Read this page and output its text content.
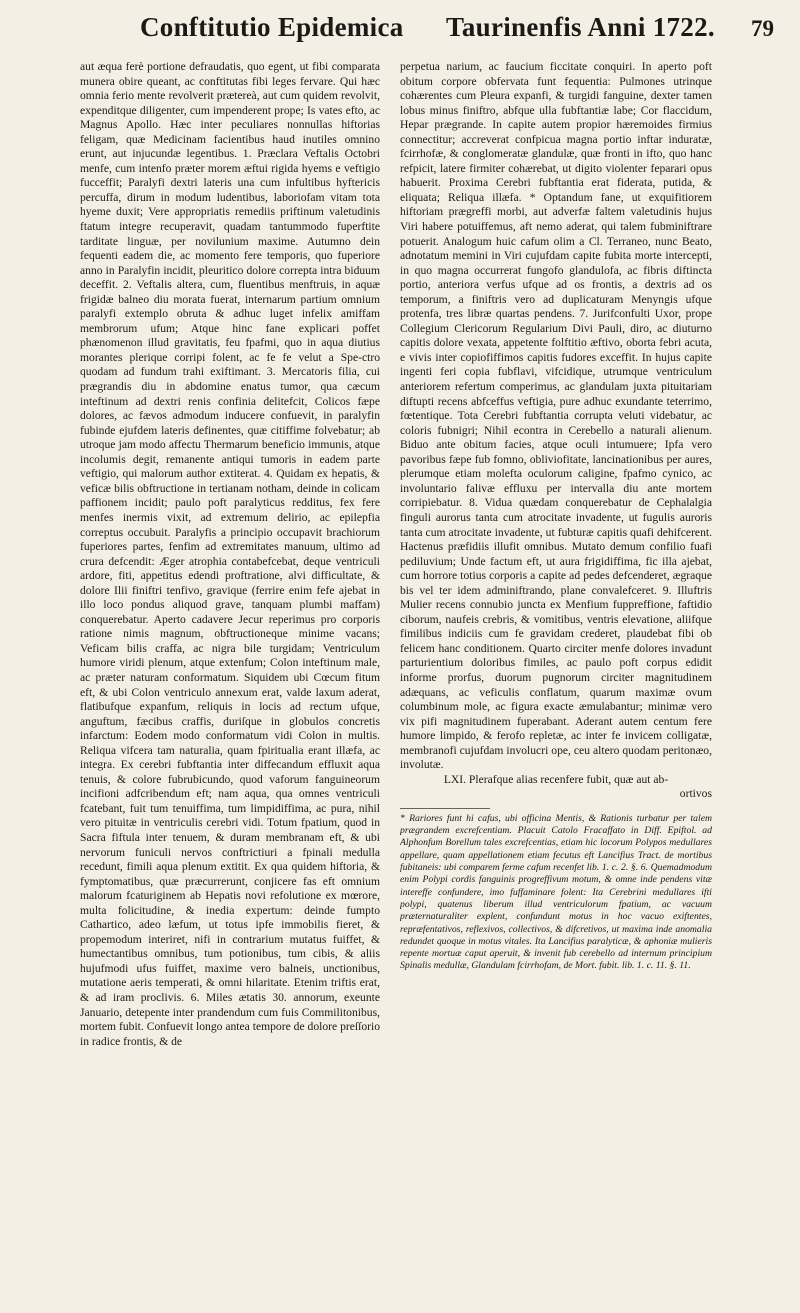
Conftitutio Epidemica Taurinenfis Anni 1722. 79

aut æqua ferè portione defraudatis, quo egent, ut fibi comparata munera obire queant, ac conftitutas fibi leges fervare. Qui hæc omnia ferio mente revolverit prætereà, aut cum quidem revolvit, expenditque diligenter, cum impenderent prope; Is vates efto, ac Magnus Apollo. Hæc inter peculiares nonnullas hiftorias feligam, quæ Medicinam facientibus haud inutiles omnino erunt, aut injucundæ legentibus. 1. Præclara Veftalis Octobri menfe, cum intenfo præter morem æftui rigida hyems e veftigio fucceffit; Paralyfi dextri lateris una cum infultibus hyftericis percuffa, dirum in modum ludentibus, laboriofam vitam tota hyeme duxit; Vere appropriatis remediis priftinum valetudinis ftatum integre recuperavit, quadam tantummodo fuperftite tarditate linguæ, per novilunium maxime. Autumno dein fequenti eadem die, ac momento fere temporis, quo fuperiore anno in Paralyfin incidit, pleuritico dolore correpta intra biduum deceffit. 2. Veftalis altera, cum, fluentibus menftruis, in aquæ frigidæ balneo diu morata fuerat, internarum partium omnium paralyfi extemplo obruta & adhuc luget infelix amiffam membrorum ufum; Atque hinc fane explicari poffet phænomenon illud gravitatis, feu fpafmi, quo in aqua diutius morantes plerique corripi folent, ac fe fe velut a Spe-ctro quodam ad fundum trahi exiftimant. 3. Mercatoris filia, cui prægrandis diu in abdomine enatus tumor, qua cæcum inteftinum ad dextri renis confinia delitefcit, Colicos fæpe dolores, ac fævos admodum inducere confuevit, in paralyfin fubinde ejufdem lateris definentes, quæ citiffime folvebatur; ab utroque jam modo affectu Thermarum beneficio immunis, atque incolumis degit, remanente antiqui tumoris in eadem parte veftigio, qui malorum author extiterat. 4. Quidam ex hepatis, & veficæ bilis obftructione in tertianam notham, deinde in colicam paffionem incidit; paulo poft paralyticus redditus, fex fere menfes inermis vixit, ad extremum delirio, ac epilepfia correptus occubuit. Paralyfis a principio occupavit brachiorum fuperiores partes, fenfim ad extremitates manuum, ultimo ad crura defcendit: Æger atrophia contabefcebat, deque ventriculi ardore, fiti, appetitus edendi proftratione, alvi difficultate, & dolore Ilii finiftri tenfivo, gravique (ferrire enim fefe ajebat in illo loco pondus aliquod grave, tanquam plumbi maffam) conquerebatur. Aperto cadavere Jecur reperimus pro corporis ratione nimis magnum, obftructioneque minime vacans; Veficam bilis craffa, ac nigra bile turgidam; Ventriculum humore viridi plenum, atque extenfum; Colon inteftinum male, ac præter naturam conformatum. Siquidem ubi Cœcum fitum eft, & ubi Colon ventriculo annexum erat, valde laxum aderat, flatibufque expanfum, reliquis in locis ad rectum ufque, anguftum, fæcibus craffis, duriſque in globulos concretis infarctum: Eodem modo conformatum vidi Colon in multis. Reliqua vifcera tam naturalia, quam fpiritualia erant illæfa, ac integra. Ex cerebri fubftantia inter diffecandum effluxit aqua tenuis, & colore fubrubicundo, quod vaforum fanguineorum incifioni adfcribendum eft; nam aqua, qua omnes ventriculi fcatebant, fuit tum tenuiffima, tum limpidiffima, ac pura, nihil vero pituitæ in ventriculis cerebri vidi. Totum fpatium, quod in Sacra fiftula inter tenuem, & duram membranam eft, & ubi nervorum funiculi nervos conftrictiuri a fpinali medulla recedunt, fimili aqua plenum extitit. Ex qua quidem hiftoria, & fymptomatibus, quæ præcurrerunt, conjicere fas eft omnium malorum fcaturiginem ab Hepatis novi refolutione ex mœrore, multa folicitudine, & inedia expertum: deinde fumpto Cathartico, adeo læfum, ut totus ipfe immobilis fieret, & propemodum interiret, nifi in contrarium mutatus fuiffet, & humectantibus omnibus, tum potionibus, tum cibis, & aliis hujufmodi ufus fuiffet, maxime vero balneis, unctionibus, mutatione aeris temperati, & omni hilaritate. Etenim triftis erat, & ad iram proclivis. 6. Miles ætatis 30. annorum, exeunte Januario, detepente inter prandendum cum fuis Commilitonibus, mortem fubit. Confuevit longo antea tempore de dolore preſſorio in radice frontis, & de

perpetua narium, ac faucium ficcitate conquiri. In aperto poft obitum corpore obfervata funt fequentia: Pulmones utrinque cohærentes cum Pleura expanfi, & turgidi fanguine, dexter tamen lobus minus finiftro, abfque ulla fubftantiæ labe; Cor flaccidum, Hepar prægrande. In capite autem propior hæremoides firmius connectitur; accreverat confpicua magna portio inftar induratæ, fcirrhofæ, & conglomeratæ glandulæ, quæ fronti in ifto, quo hanc refpicit, latere firmiter cohærebat, ut digito violenter feparari opus habuerit. Proxima Cerebri fubftantia erat fiderata, putida, & eliquata; Reliqua illæfa. * Optandum fane, ut exquifitiorem hiftoriam prægreffi morbi, aut adverfæ faltem valetudinis hujus Viri habere potuiffemus, aft nemo aderat, qui talem fubminiftrare potuerit. Analogum huic cafum olim a Cl. Terraneo, nunc Beato, adnotatum memini in Viri cujufdam capite fubita morte intercepti, in quo magna occurrerat fungofo glandulofa, ac fibris diftincta portio, anteriora verfus ufque ad os frontis, a dextris ad os temporum, a finiftris vero ad duplicaturam Menyngis ufque protenfa, tres libræ quartas pendens. 7. Jurifconfulti Uxor, prope Collegium Clericorum Regularium Divi Pauli, diro, ac diuturno capitis dolore vexata, appetente folftitio æftivo, oborta febri acuta, e vivis inter copiofiffimos capitis fudores exceffit. In hujus capite ingenti feri copia fubflavi, vifcidique, utrumque ventriculum anteriorem refertum comperimus, ac glandulam juxta pituitariam diftupti recens abfceffus veftigia, pure adhuc exundante teterrimo, fœtentique. Tota Cerebri fubftantia corrupta veluti videbatur, ac coloris fubnigri; Nihil econtra in Cerebello a naturali alienum. Biduo ante obitum facies, atque oculi intumuere; Ipfa vero pavoribus fæpe fub fomno, obliviofitate, lancinationibus per aures, plerumque etiam molefta oculorum caligine, fpafmo cynico, ac involuntario falivæ effluxu per intervalla diu ante mortem corripiebatur. 8. Vidua quædam conquerebatur de Cephalalgia finguli aurorus tanta cum atrocitate invadente, ut fugulis auroris tanta cum atrocitate invadente, ut fubturæ capitis quafi dehifcerent. Hactenus præfidiis illufit omnibus. Mutato demum confilio fuafi pediluvium; Unde factum eft, ut aura frigidiffima, fic illa ajebat, cum horrore totius corporis a capite ad pedes defcenderet, ægraque bis vel ter idem adminiftrando, plane convalefceret. 9. Illuftris Mulier recens connubio juncta ex Menfium fuppreffione, faftidio ciborum, naufeis crebris, & vomitibus, ventris elevatione, aliifque fimilibus indiciis cum fe gravidam crederet, plaudebat fibi ob felicem hanc conditionem. Quarto circiter menfe dolores invadunt parturientium doloribus fimiles, ac paulo poft corpus edidit informe prorfus, duorum pugnorum circiter magnitudinem adæquans, ac veficulis conflatum, quarum maximæ ovum columbinum mole, ac figura exacte æmulabantur; minimæ vero vix pifi magnitudinem fuperabant. Aderant autem centum fere humore limpido, & ferofo repletæ, ac inter fe invicem colligatæ, membranofi cujufdam involucri ope, ceu altero quodam peritonæo, involutæ.

LXI. Plerafque alias recenfere fubit, quæ aut ab-

ortivos

* Rariores funt hi cafus, ubi officina Mentis, & Rationis turbatur per talem prægrandem excrefcentiam. Placuit Catolo Fracaffato in Diff. Epiftol. ad Alphonfum Borellum tales excrefcentias, etiam hic locorum Polypos medullares appellare, quam appellationem etiam fecutus eft Lancifius Tract. de mortibus fubitaneis: ubi comparem ferme cafum recenfet lib. 1. c. 2. §. 6. Quemadmodum enim Polypi cordis fanguinis progreffivum motum, & omne inde pendens vitæ intereffe confundere, imo fuffaminare folent: Ita Cerebrini medullares ifti polypi, quatenus liberum illud ventriculorum fpatium, ac vacuum præternaturaliter explent, confundunt motus in hoc vacuo exiftentes, repræfentativos, reflexivos, collectivos, & difcretivos, ut maxima inde anomalia redundet quoque in motus vitales. Ita Lancifius paralyticæ, & aphoniæ mulieris repente mortuæ caput aperuit, & invenit fub cerebello ad internum principium Spinalis medullæ, Glandulam fcirrhofam, de Mort. fubit. lib. 1. c. 11. §. 11.
